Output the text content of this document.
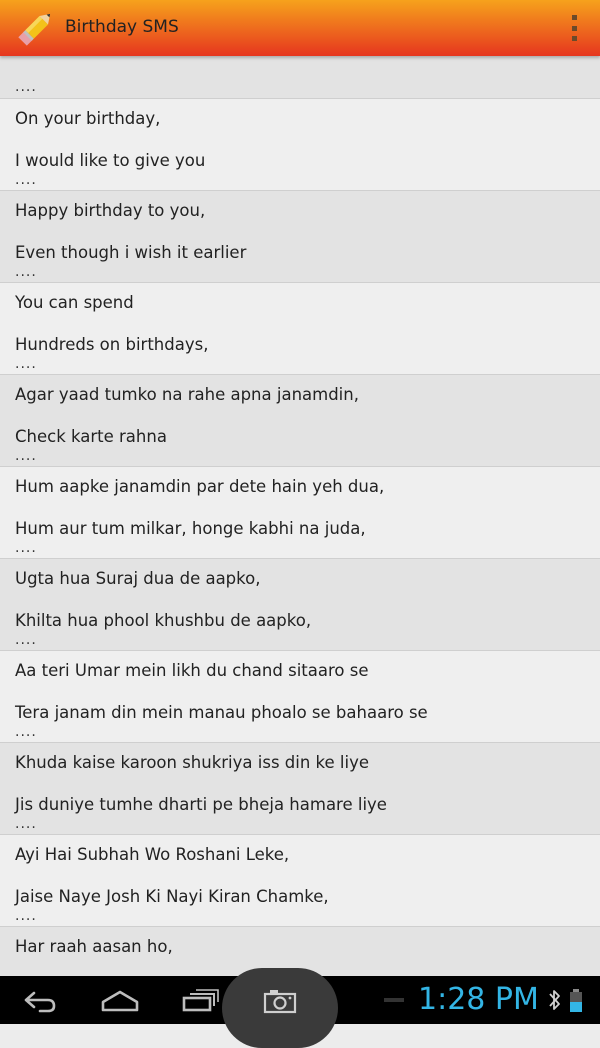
Birthday SMS
....
On your birthday,
I would like to give you
....
Happy birthday to you,
Even though i wish it earlier
....
You can spend
Hundreds on birthdays,
....
Agar yaad tumko na rahe apna janamdin,
Check karte rahna
....
Hum aapke janamdin par dete hain yeh dua,
Hum aur tum milkar, honge kabhi na juda,
....
Ugta hua Suraj dua de aapko,
Khilta hua phool khushbu de aapko,
....
Aa teri Umar mein likh du chand sitaaro se
Tera janam din mein manau phoalo se bahaaro se
....
Khuda kaise karoon shukriya iss din ke liye
Jis duniye tumhe dharti pe bheja hamare liye
....
Ayi Hai Subhah Wo Roshani Leke,
Jaise Naye Josh Ki Nayi Kiran Chamke,
....
Har raah aasan ho,
1:28 PM
